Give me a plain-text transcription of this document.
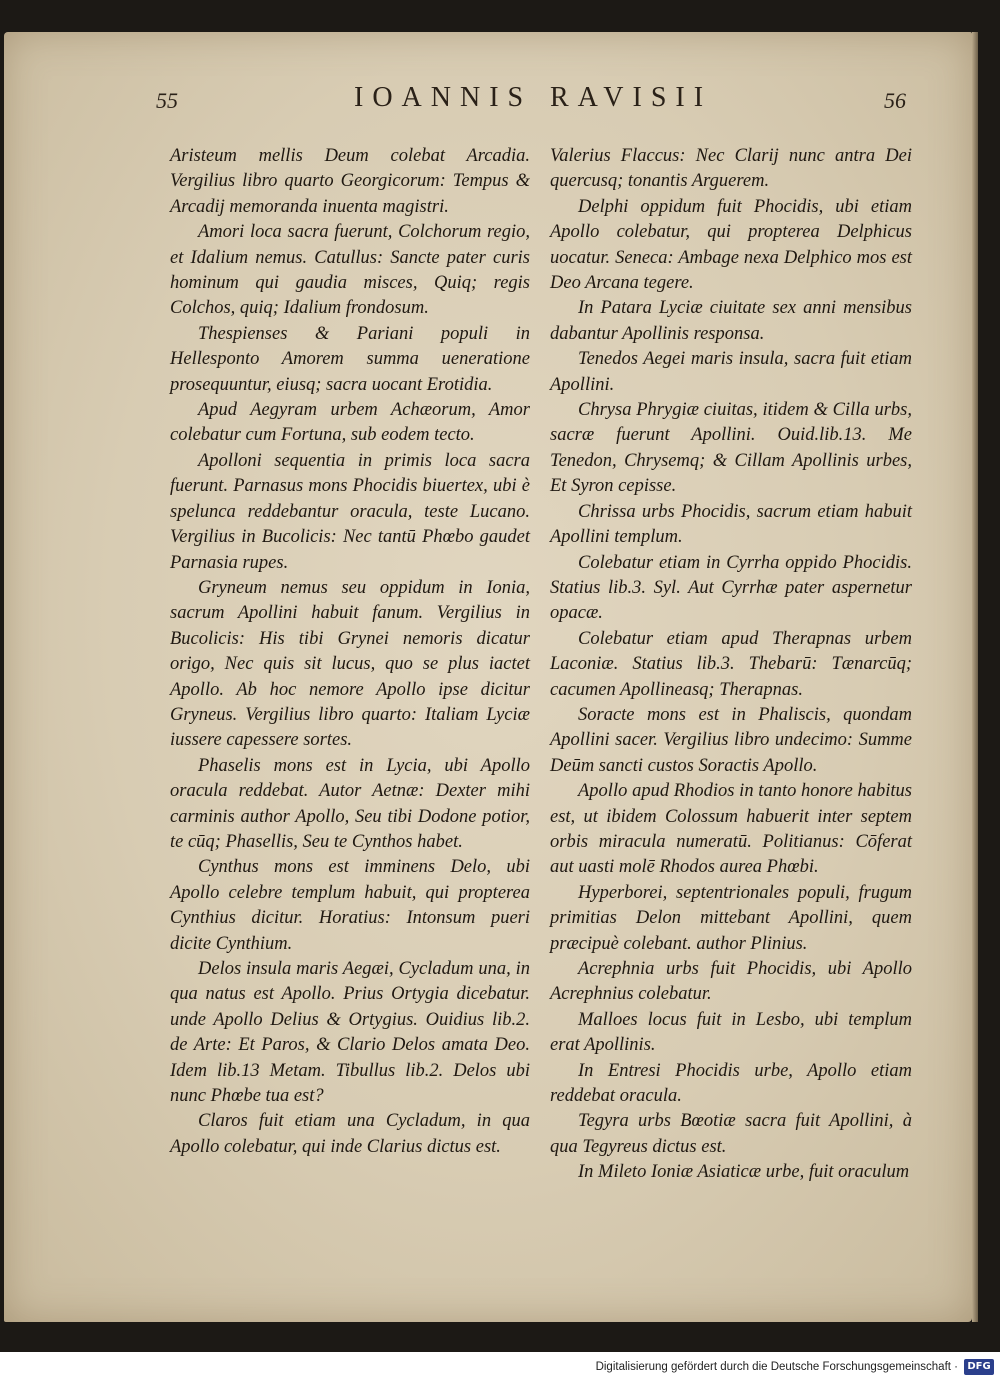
55	IOANNIS RAVISII	56

Aristeum mellis Deum colebat Arcadia. Vergilius libro quarto Georgicorum: Tempus & Arcadij memoranda inuenta magistri.

Amori loca sacra fuerunt, Colchorum regio, et Idalium nemus. Catullus: Sancte pater curis hominum qui gaudia misces, Quiq; regis Colchos, quiq; Idalium frondosum.

Thespienses & Pariani populi in Hellesponto Amorem summa ueneratione prosequuntur, eiusq; sacra uocant Erotidia.

Apud Aegyram urbem Achæorum, Amor colebatur cum Fortuna, sub eodem tecto.

Apolloni sequentia in primis loca sacra fuerunt. Parnasus mons Phocidis biuertex, ubi è spelunca reddebantur oracula, teste Lucano. Vergilius in Bucolicis: Nec tantū Phœbo gaudet Parnasia rupes.

Gryneum nemus seu oppidum in Ionia, sacrum Apollini habuit fanum. Vergilius in Bucolicis: His tibi Grynei nemoris dicatur origo, Nec quis sit lucus, quo se plus iactet Apollo. Ab hoc nemore Apollo ipse dicitur Gryneus. Vergilius libro quarto: Italiam Lyciæ iussere capessere sortes.

Phaselis mons est in Lycia, ubi Apollo oracula reddebat. Autor Aetnæ: Dexter mihi carminis author Apollo, Seu tibi Dodone potior, te cūq; Phasellis, Seu te Cynthos habet.

Cynthus mons est imminens Delo, ubi Apollo celebre templum habuit, qui propterea Cynthius dicitur. Horatius: Intonsum pueri dicite Cynthium.

Delos insula maris Aegæi, Cycladum una, in qua natus est Apollo. Prius Ortygia dicebatur. unde Apollo Delius & Ortygius. Ouidius lib.2. de Arte: Et Paros, & Clario Delos amata Deo. Idem lib.13 Metam. Tibullus lib.2. Delos ubi nunc Phœbe tua est?

Claros fuit etiam una Cycladum, in qua Apollo colebatur, qui inde Clarius dictus est.

Valerius Flaccus: Nec Clarij nunc antra Dei quercusq; tonantis Arguerem.

Delphi oppidum fuit Phocidis, ubi etiam Apollo colebatur, qui propterea Delphicus uocatur. Seneca: Ambage nexa Delphico mos est Deo Arcana tegere.

In Patara Lyciæ ciuitate sex anni mensibus dabantur Apollinis responsa.

Tenedos Aegei maris insula, sacra fuit etiam Apollini.

Chrysa Phrygiæ ciuitas, itidem & Cilla urbs, sacræ fuerunt Apollini. Ouid.lib.13. Me Tenedon, Chrysemq; & Cillam Apollinis urbes, Et Syron cepisse.

Chrissa urbs Phocidis, sacrum etiam habuit Apollini templum.

Colebatur etiam in Cyrrha oppido Phocidis. Statius lib.3. Syl. Aut Cyrrhæ pater aspernetur opacæ.

Colebatur etiam apud Therapnas urbem Laconiæ. Statius lib.3. Thebarū: Tænarcūq; cacumen Apollineasq; Therapnas.

Soracte mons est in Phaliscis, quondam Apollini sacer. Vergilius libro undecimo: Summe Deūm sancti custos Soractis Apollo.

Apollo apud Rhodios in tanto honore habitus est, ut ibidem Colossum habuerit inter septem orbis miracula numeratū. Politianus: Cōferat aut uasti molē Rhodos aurea Phœbi.

Hyperborei, septentrionales populi, frugum primitias Delon mittebant Apollini, quem præcipuè colebant. author Plinius.

Acrephnia urbs fuit Phocidis, ubi Apollo Acrephnius colebatur.

Malloes locus fuit in Lesbo, ubi templum erat Apollinis.

In Entresi Phocidis urbe, Apollo etiam reddebat oracula.

Tegyra urbs Bœotiæ sacra fuit Apollini, à qua Tegyreus dictus est.

In Mileto Ioniæ Asiaticæ urbe, fuit oraculum

Digitalisierung gefördert durch die Deutsche Forschungsgemeinschaft · DFG
